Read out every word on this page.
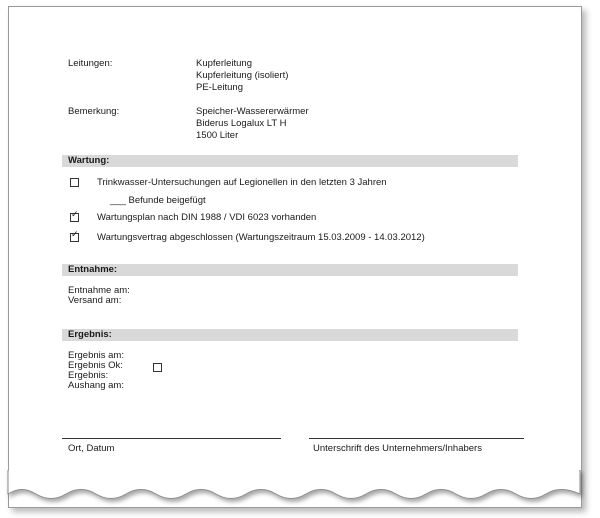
Leitungen:	Kupferleitung
Kupferleitung (isoliert)
PE-Leitung
Bemerkung:	Speicher-Wassererwärmer
Biderus Logalux LT H
1500 Liter
Wartung:
Trinkwasser-Untersuchungen auf Legionellen in den letzten 3 Jahren
___ Befunde beigefügt
✓
Wartungsplan nach DIN 1988 / VDI 6023 vorhanden
✓
Wartungsvertrag abgeschlossen (Wartungszeitraum 15.03.2009 - 14.03.2012)
Entnahme:
Entnahme am:
Versand am:
Ergebnis:
Ergebnis am:
Ergebnis Ok:
Ergebnis:
Aushang am:
Ort, Datum	Unterschrift des Unternehmers/Inhabers
